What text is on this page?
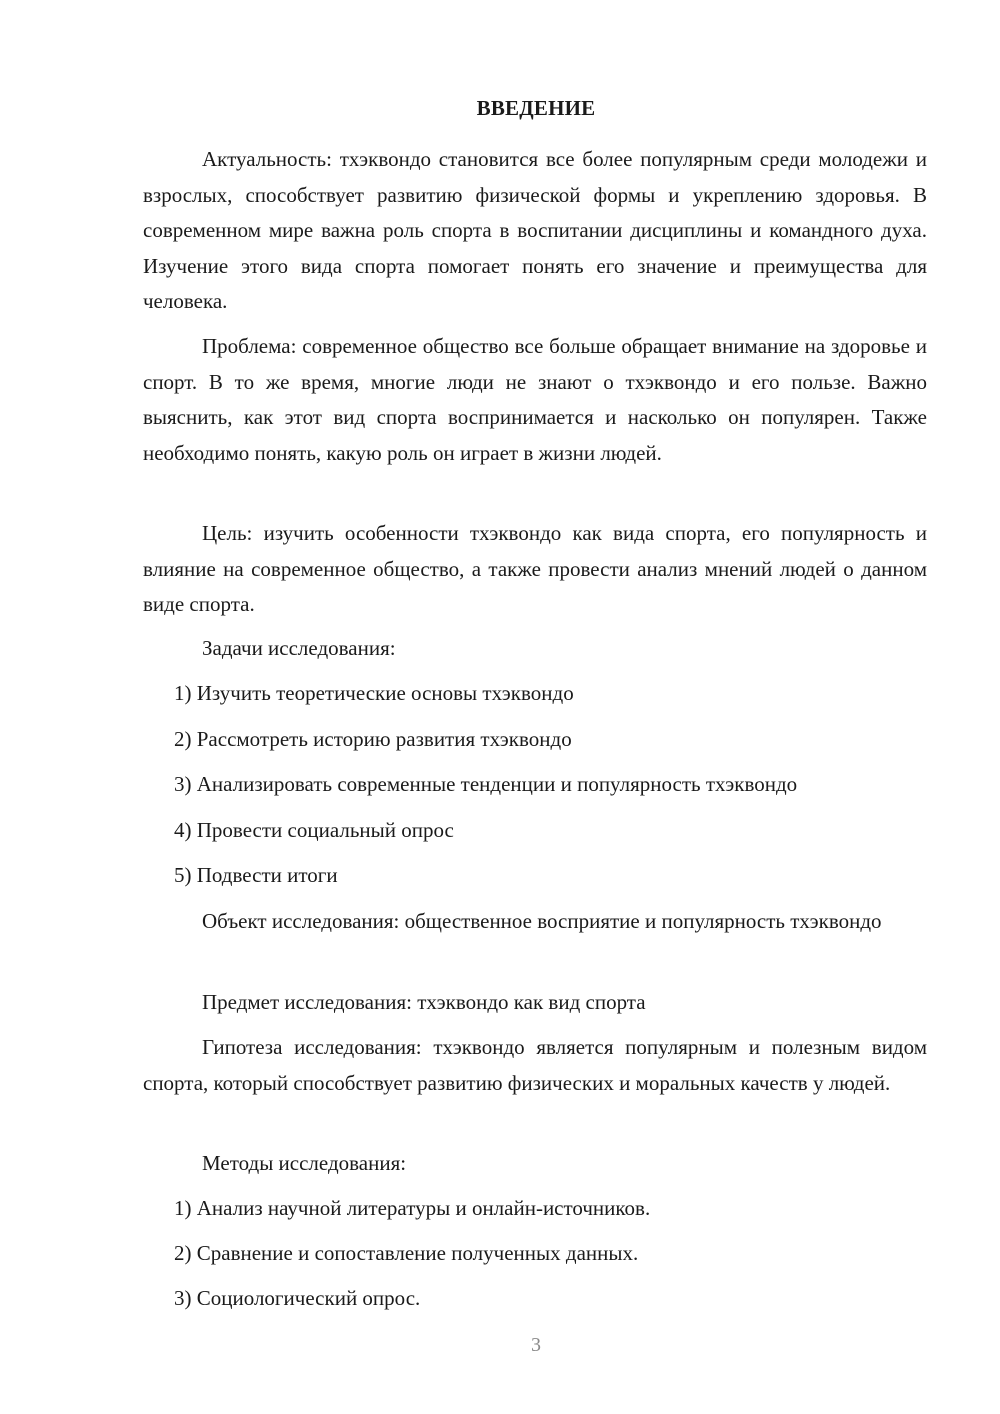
ВВЕДЕНИЕ

Актуальность: тхэквондо становится все более популярным среди молодежи и взрослых, способствует развитию физической формы и укреплению здоровья. В современном мире важна роль спорта в воспитании дисциплины и командного духа. Изучение этого вида спорта помогает понять его значение и преимущества для человека.

Проблема: современное общество все больше обращает внимание на здоровье и спорт. В то же время, многие люди не знают о тхэквондо и его пользе. Важно выяснить, как этот вид спорта воспринимается и насколько он популярен. Также необходимо понять, какую роль он играет в жизни людей.

Цель: изучить особенности тхэквондо как вида спорта, его популярность и влияние на современное общество, а также провести анализ мнений людей о данном виде спорта.

Задачи исследования:
1) Изучить теоретические основы тхэквондо
2) Рассмотреть историю развития тхэквондо
3) Анализировать современные тенденции и популярность тхэквондо
4) Провести социальный опрос
5) Подвести итоги

Объект исследования: общественное восприятие и популярность тхэквондо

Предмет исследования: тхэквондо как вид спорта

Гипотеза исследования: тхэквондо является популярным и полезным видом спорта, который способствует развитию физических и моральных качеств у людей.

Методы исследования:
1) Анализ научной литературы и онлайн-источников.
2) Сравнение и сопоставление полученных данных.
3) Социологический опрос.
3
